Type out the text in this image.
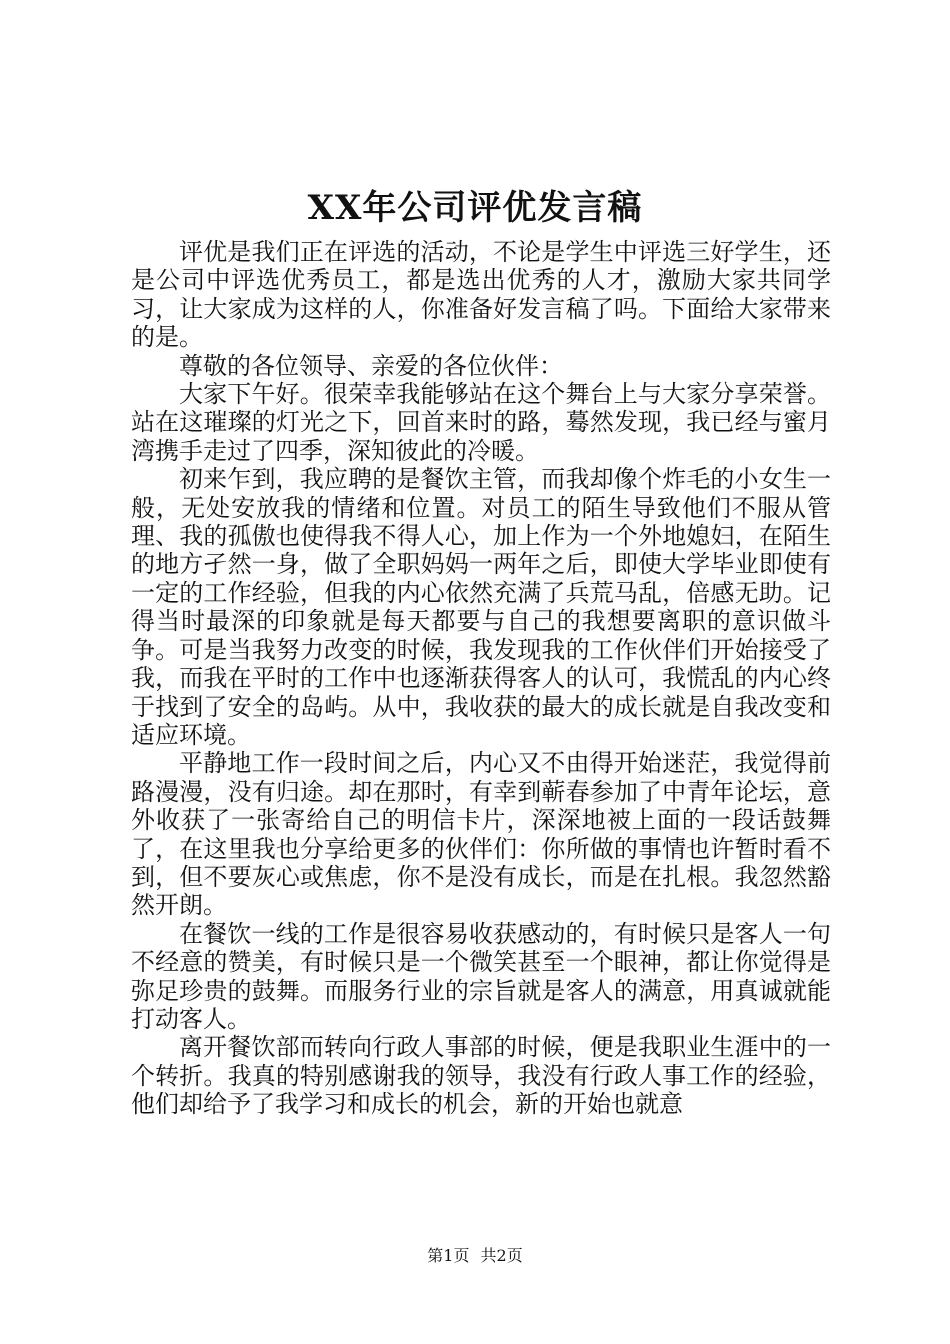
XX年公司评优发言稿

评优是我们正在评选的活动，不论是学生中评选三好学生，还是公司中评选优秀员工，都是选出优秀的人才，激励大家共同学习，让大家成为这样的人，你准备好发言稿了吗。下面给大家带来的是。

尊敬的各位领导、亲爱的各位伙伴：

大家下午好。很荣幸我能够站在这个舞台上与大家分享荣誉。站在这璀璨的灯光之下，回首来时的路，蓦然发现，我已经与蜜月湾携手走过了四季，深知彼此的冷暖。

初来乍到，我应聘的是餐饮主管，而我却像个炸毛的小女生一般，无处安放我的情绪和位置。对员工的陌生导致他们不服从管理、我的孤傲也使得我不得人心，加上作为一个外地媳妇，在陌生的地方孑然一身，做了全职妈妈一两年之后，即使大学毕业即使有一定的工作经验，但我的内心依然充满了兵荒马乱，倍感无助。记得当时最深的印象就是每天都要与自己的我想要离职的意识做斗争。可是当我努力改变的时候，我发现我的工作伙伴们开始接受了我，而我在平时的工作中也逐渐获得客人的认可，我慌乱的内心终于找到了安全的岛屿。从中，我收获的最大的成长就是自我改变和适应环境。

平静地工作一段时间之后，内心又不由得开始迷茫，我觉得前路漫漫，没有归途。却在那时，有幸到蕲春参加了中青年论坛，意外收获了一张寄给自己的明信卡片，深深地被上面的一段话鼓舞了，在这里我也分享给更多的伙伴们：你所做的事情也许暂时看不到，但不要灰心或焦虑，你不是没有成长，而是在扎根。我忽然豁然开朗。

在餐饮一线的工作是很容易收获感动的，有时候只是客人一句不经意的赞美，有时候只是一个微笑甚至一个眼神，都让你觉得是弥足珍贵的鼓舞。而服务行业的宗旨就是客人的满意，用真诚就能打动客人。

离开餐饮部而转向行政人事部的时候，便是我职业生涯中的一个转折。我真的特别感谢我的领导，我没有行政人事工作的经验，他们却给予了我学习和成长的机会，新的开始也就意

第1页 共2页
